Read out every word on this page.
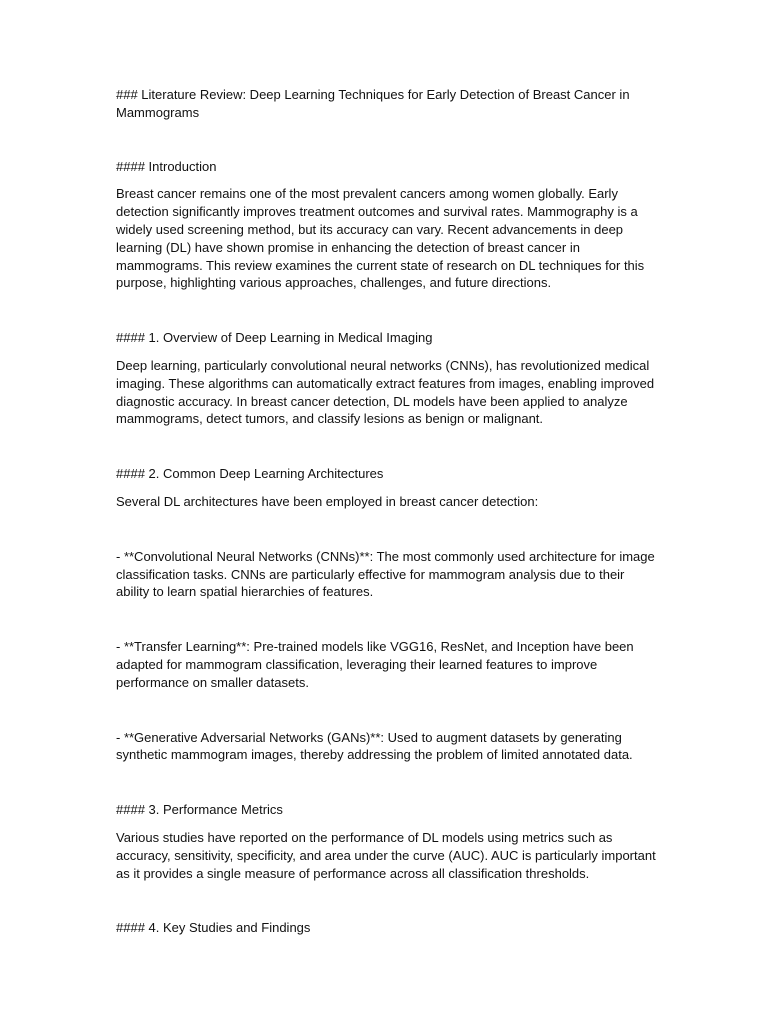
### Literature Review: Deep Learning Techniques for Early Detection of Breast Cancer in Mammograms

#### Introduction

Breast cancer remains one of the most prevalent cancers among women globally. Early detection significantly improves treatment outcomes and survival rates. Mammography is a widely used screening method, but its accuracy can vary. Recent advancements in deep learning (DL) have shown promise in enhancing the detection of breast cancer in mammograms. This review examines the current state of research on DL techniques for this purpose, highlighting various approaches, challenges, and future directions.

#### 1. Overview of Deep Learning in Medical Imaging

Deep learning, particularly convolutional neural networks (CNNs), has revolutionized medical imaging. These algorithms can automatically extract features from images, enabling improved diagnostic accuracy. In breast cancer detection, DL models have been applied to analyze mammograms, detect tumors, and classify lesions as benign or malignant.

#### 2. Common Deep Learning Architectures

Several DL architectures have been employed in breast cancer detection:

- **Convolutional Neural Networks (CNNs)**: The most commonly used architecture for image classification tasks. CNNs are particularly effective for mammogram analysis due to their ability to learn spatial hierarchies of features.

- **Transfer Learning**: Pre-trained models like VGG16, ResNet, and Inception have been adapted for mammogram classification, leveraging their learned features to improve performance on smaller datasets.

- **Generative Adversarial Networks (GANs)**: Used to augment datasets by generating synthetic mammogram images, thereby addressing the problem of limited annotated data.

#### 3. Performance Metrics

Various studies have reported on the performance of DL models using metrics such as accuracy, sensitivity, specificity, and area under the curve (AUC). AUC is particularly important as it provides a single measure of performance across all classification thresholds.

#### 4. Key Studies and Findings
